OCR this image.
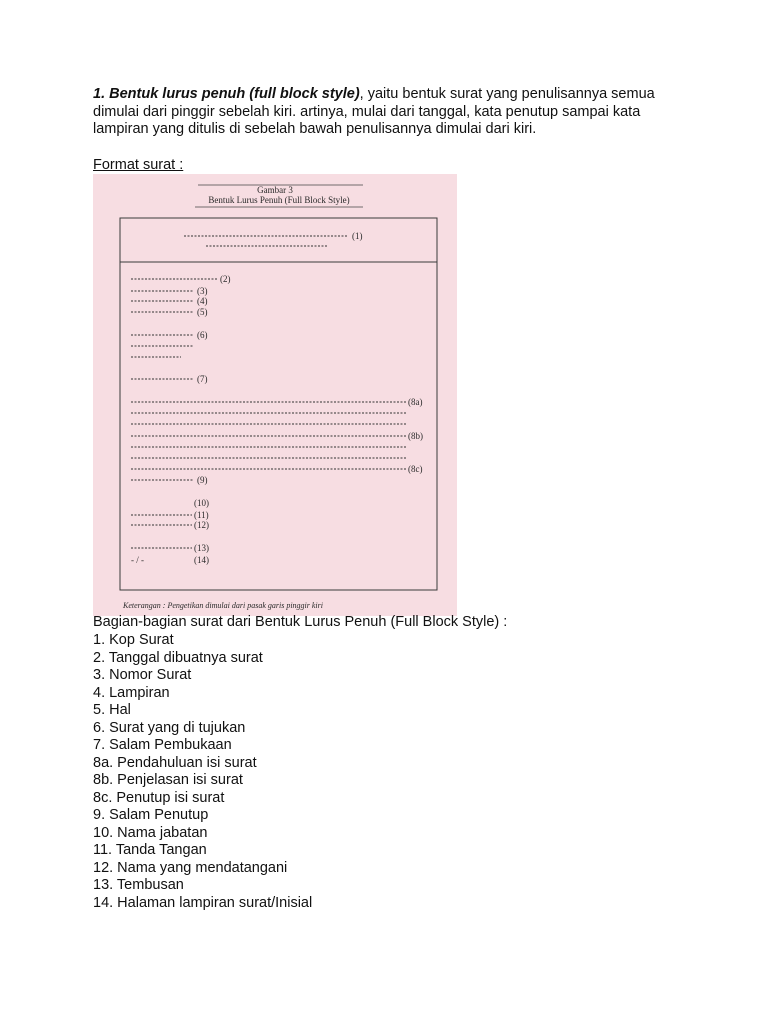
1. Bentuk lurus penuh (full block style), yaitu bentuk surat yang penulisannya semua dimulai dari pinggir sebelah kiri. artinya, mulai dari tanggal, kata penutup sampai kata lampiran yang ditulis di sebelah bawah penulisannya dimulai dari kiri.

Format surat :
Gambar 3
Bentuk Lurus Penuh (Full Block Style)
(1)
(2)
(3)
(4)
(5)
(6)
(7)
(8a)
(8b)
(8c)
(9)
(10)
(11)
(12)
(13)
- / -	(14)
Keterangan : Pengetikan dimulai dari pasak garis pinggir kiri
Bagian-bagian surat dari Bentuk Lurus Penuh (Full Block Style) :
1. Kop Surat
2. Tanggal dibuatnya surat
3. Nomor Surat
4. Lampiran
5. Hal
6. Surat yang di tujukan
7. Salam Pembukaan
8a. Pendahuluan isi surat
8b. Penjelasan isi surat
8c. Penutup isi surat
9. Salam Penutup
10. Nama jabatan
11. Tanda Tangan
12. Nama yang mendatangani
13. Tembusan
14. Halaman lampiran surat/Inisial
